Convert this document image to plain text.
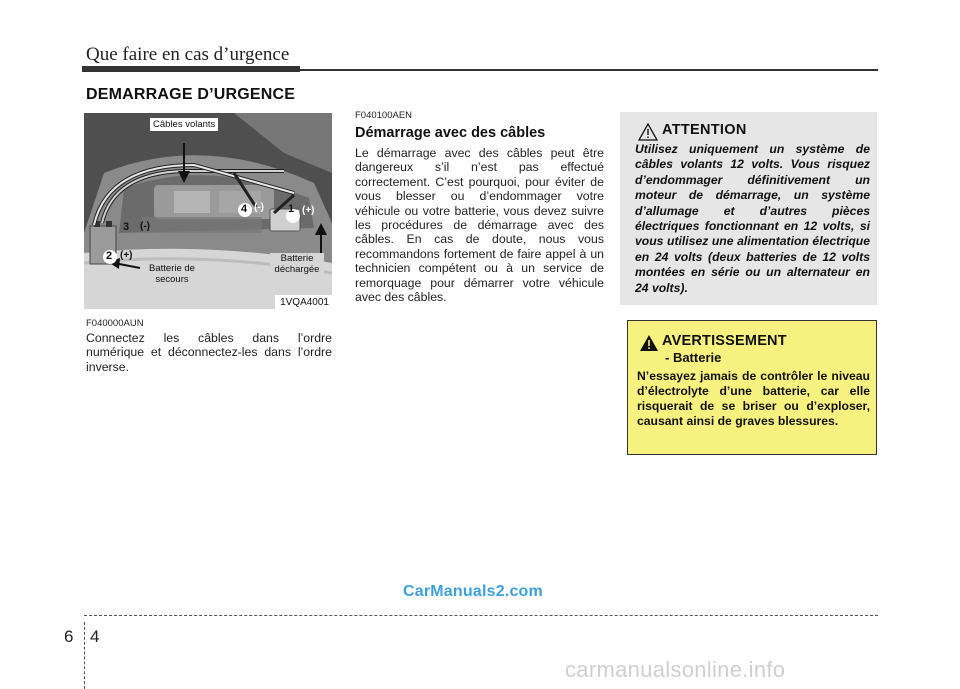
Que faire en cas d’urgence
DEMARRAGE D’URGENCE
Câbles volants
Batterie de secours
Batterie déchargée
1 (+)
4 (-)
3 (-)
2 (+)
1VQA4001
F040000AUN
Connectez les câbles dans l’ordre numérique et déconnectez-les dans l’ordre inverse.
F040100AEN
Démarrage avec des câbles
Le démarrage avec des câbles peut être dangereux s’il n’est pas effectué correctement. C’est pourquoi, pour éviter de vous blesser ou d’endommager votre véhicule ou votre batterie, vous devez suivre les procédures de démarrage avec des câbles. En cas de doute, nous vous recommandons fortement de faire appel à un technicien compétent ou à un service de remorquage pour démarrer votre véhicule avec des câbles.
ATTENTION
Utilisez uniquement un système de câbles volants 12 volts. Vous risquez d’endommager définitivement un moteur de démarrage, un système d’allumage et d’autres pièces électriques fonctionnant en 12 volts, si vous utilisez une alimentation électrique en 24 volts (deux batteries de 12 volts montées en série ou un alternateur en 24 volts).
AVERTISSEMENT
- Batterie
N’essayez jamais de contrôler le niveau d’électrolyte d’une batterie, car elle risquerait de se briser ou d’exploser, causant ainsi de graves blessures.
CarManuals2.com
6 4
carmanualsonline.info
